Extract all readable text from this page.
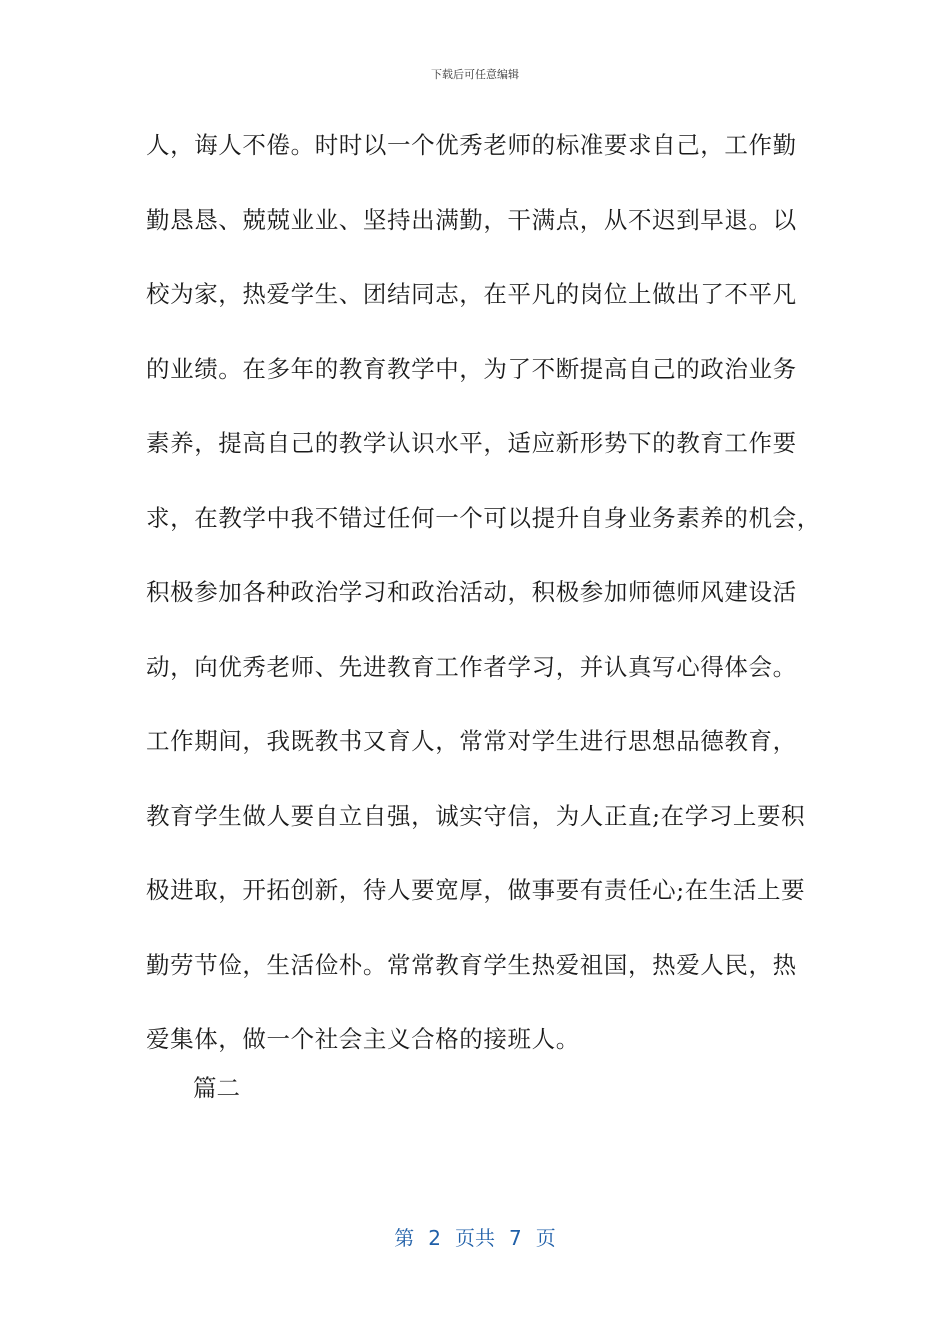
下载后可任意编辑
人，诲人不倦。时时以一个优秀老师的标准要求自己，工作勤
勤恳恳、兢兢业业、坚持出满勤，干满点，从不迟到早退。以
校为家，热爱学生、团结同志，在平凡的岗位上做出了不平凡
的业绩。在多年的教育教学中，为了不断提高自己的政治业务
素养，提高自己的教学认识水平，适应新形势下的教育工作要
求，在教学中我不错过任何一个可以提升自身业务素养的机会，
积极参加各种政治学习和政治活动，积极参加师德师风建设活
动，向优秀老师、先进教育工作者学习，并认真写心得体会。
工作期间，我既教书又育人，常常对学生进行思想品德教育，
教育学生做人要自立自强，诚实守信，为人正直;在学习上要积
极进取，开拓创新，待人要宽厚，做事要有责任心;在生活上要
勤劳节俭，生活俭朴。常常教育学生热爱祖国，热爱人民，热
爱集体，做一个社会主义合格的接班人。
篇二
第 2 页共 7 页
